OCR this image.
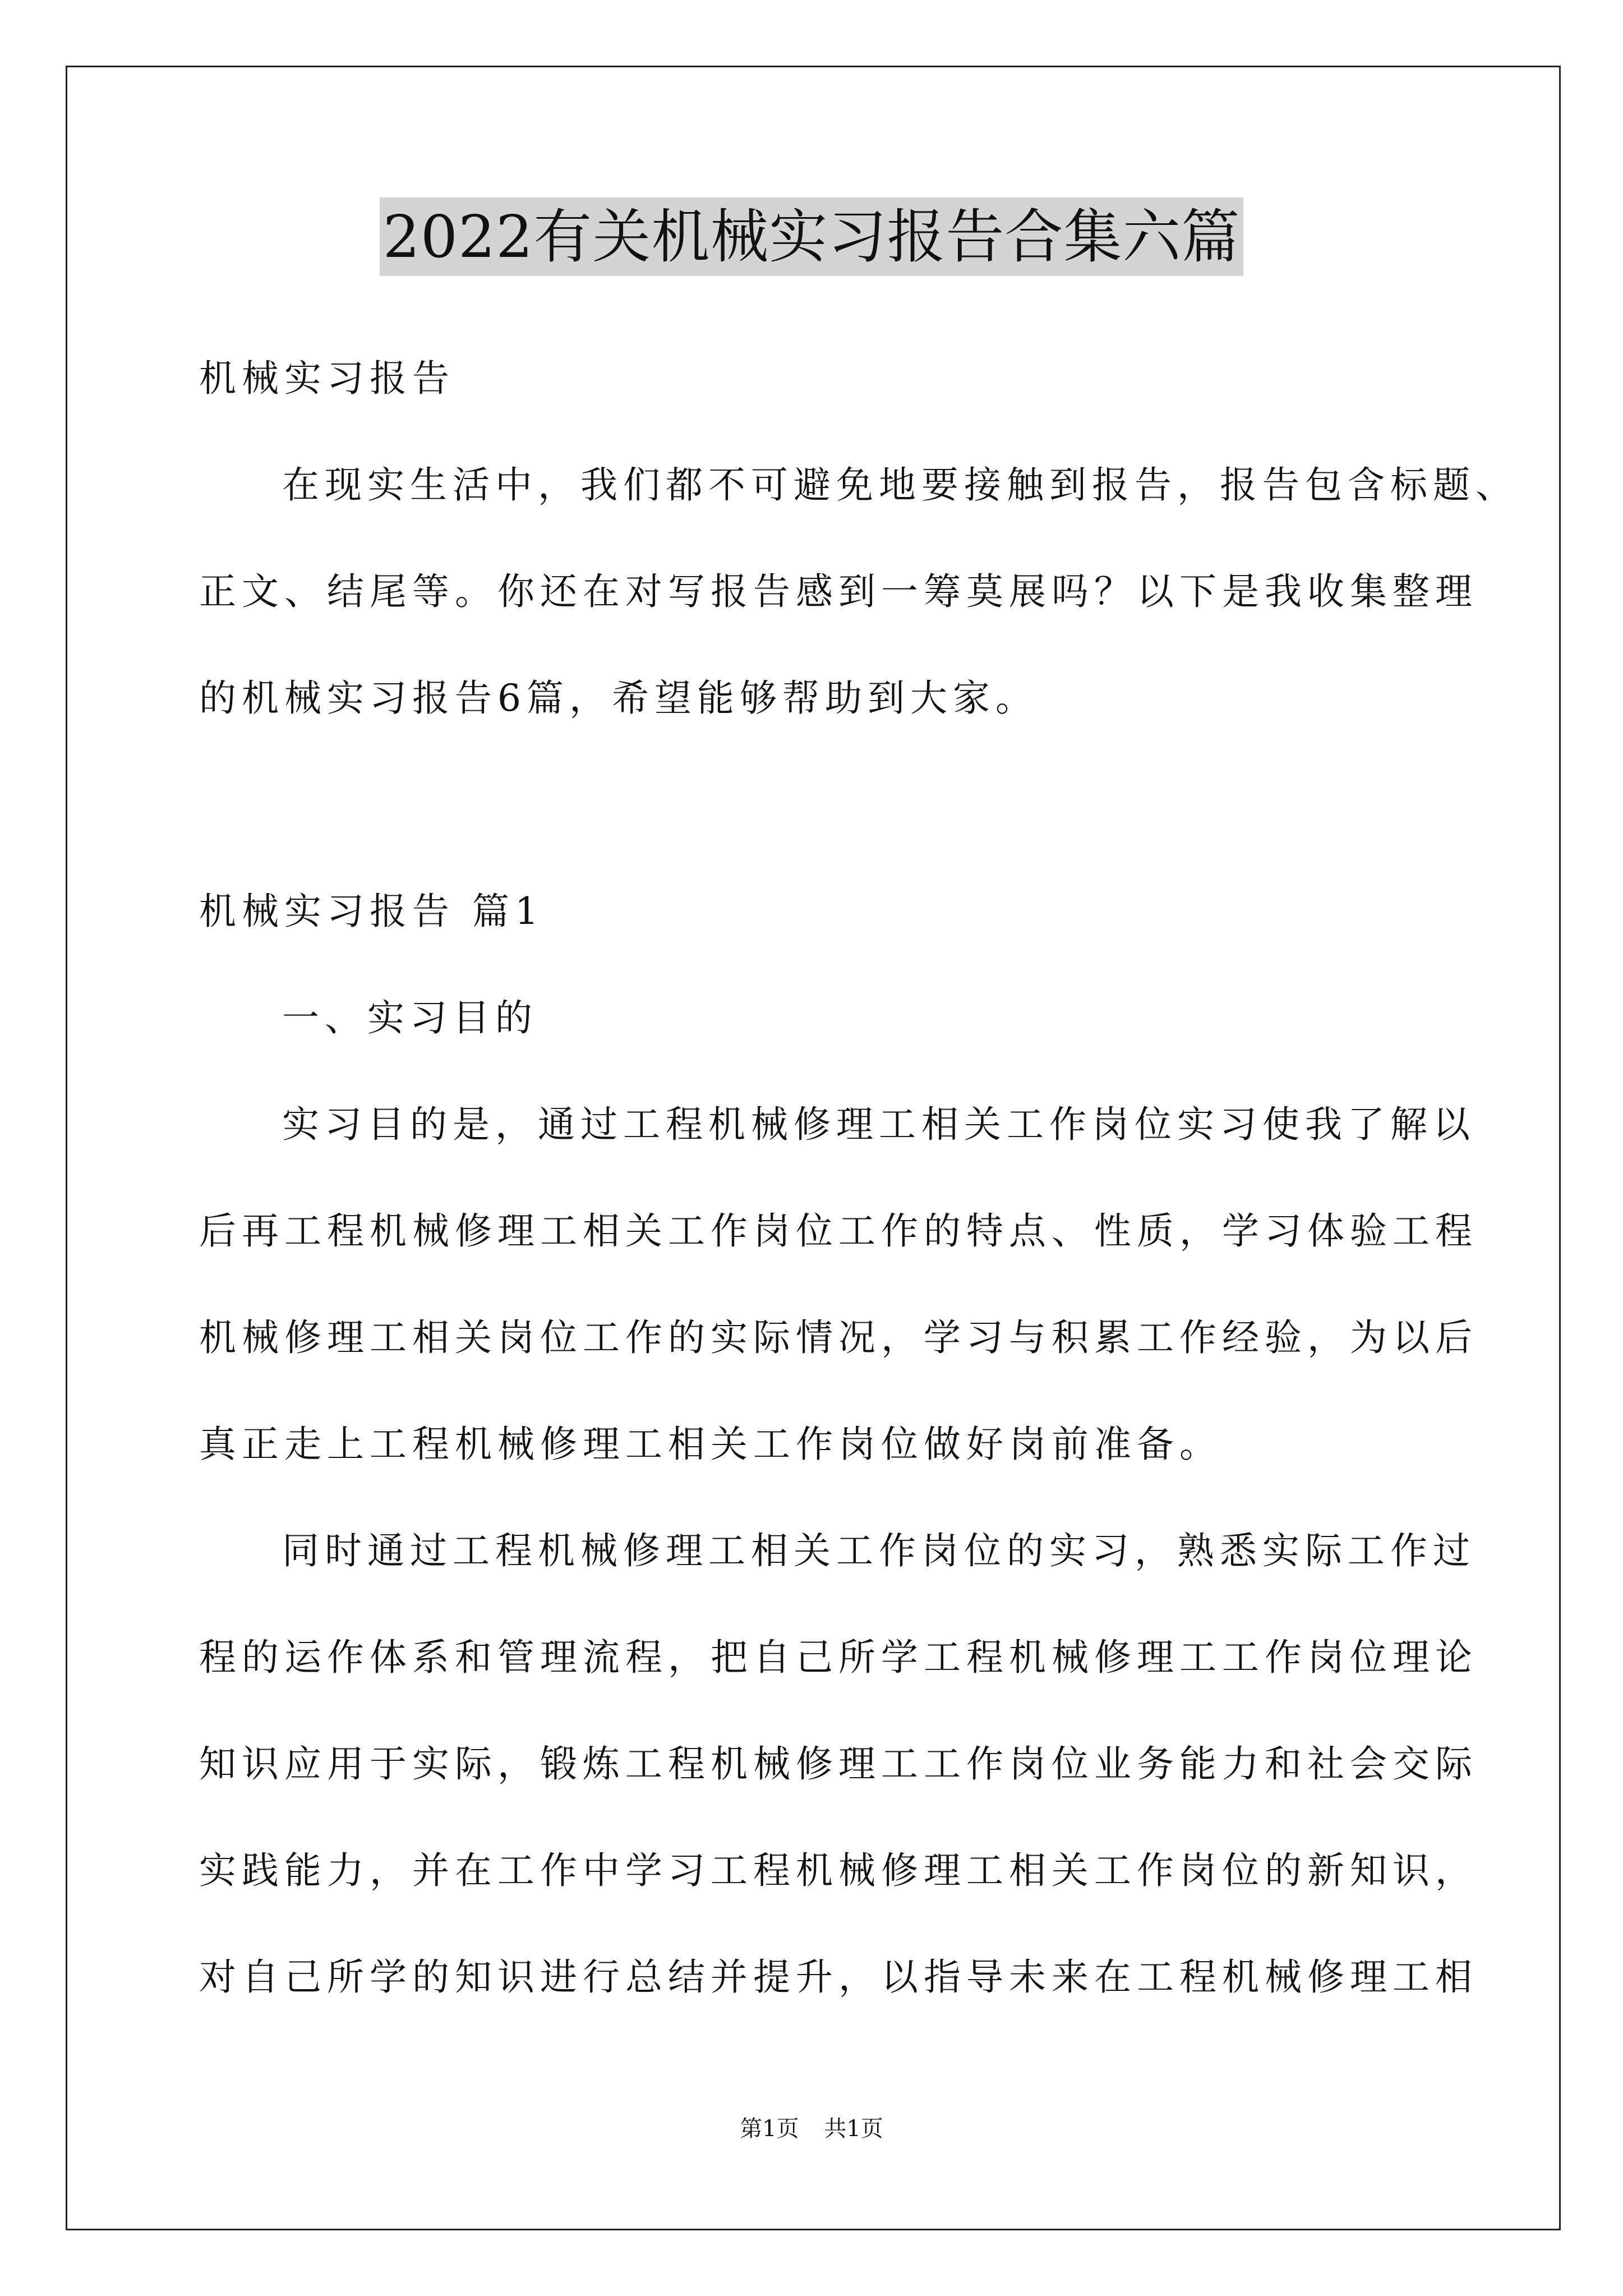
2022有关机械实习报告合集六篇
机械实习报告
在现实生活中，我们都不可避免地要接触到报告，报告包含标题、
正文、结尾等。你还在对写报告感到一筹莫展吗？以下是我收集整理
的机械实习报告6篇，希望能够帮助到大家。
机械实习报告 篇1
一、实习目的
实习目的是，通过工程机械修理工相关工作岗位实习使我了解以
后再工程机械修理工相关工作岗位工作的特点、性质，学习体验工程
机械修理工相关岗位工作的实际情况，学习与积累工作经验，为以后
真正走上工程机械修理工相关工作岗位做好岗前准备。
同时通过工程机械修理工相关工作岗位的实习，熟悉实际工作过
程的运作体系和管理流程，把自己所学工程机械修理工工作岗位理论
知识应用于实际，锻炼工程机械修理工工作岗位业务能力和社会交际
实践能力，并在工作中学习工程机械修理工相关工作岗位的新知识，
对自己所学的知识进行总结并提升，以指导未来在工程机械修理工相
第1页 共1页
